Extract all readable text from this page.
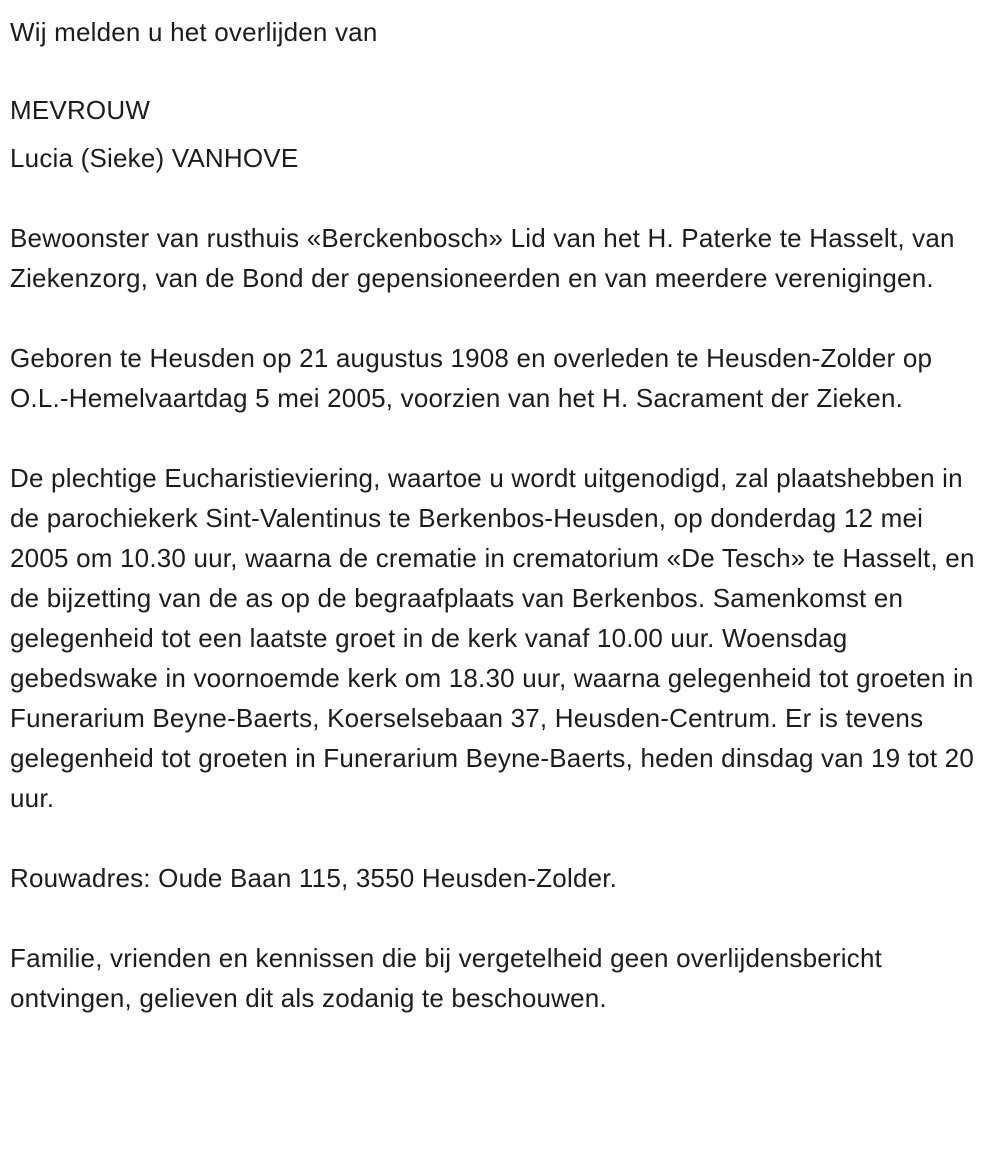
Wij melden u het overlijden van

MEVROUW

Lucia (Sieke) VANHOVE

Bewoonster van rusthuis «Berckenbosch» Lid van het H. Paterke te Hasselt, van Ziekenzorg, van de Bond der gepensioneerden en van meerdere verenigingen.

Geboren te Heusden op 21 augustus 1908 en overleden te Heusden-Zolder op O.L.-Hemelvaartdag 5 mei 2005, voorzien van het H. Sacrament der Zieken.

De plechtige Eucharistieviering, waartoe u wordt uitgenodigd, zal plaatshebben in de parochiekerk Sint-Valentinus te Berkenbos-Heusden, op donderdag 12 mei 2005 om 10.30 uur, waarna de crematie in crematorium «De Tesch» te Hasselt, en de bijzetting van de as op de begraafplaats van Berkenbos. Samenkomst en gelegenheid tot een laatste groet in de kerk vanaf 10.00 uur. Woensdag gebedswake in voornoemde kerk om 18.30 uur, waarna gelegenheid tot groeten in Funerarium Beyne-Baerts, Koerselsebaan 37, Heusden-Centrum. Er is tevens gelegenheid tot groeten in Funerarium Beyne-Baerts, heden dinsdag van 19 tot 20 uur.

Rouwadres: Oude Baan 115, 3550 Heusden-Zolder.

Familie, vrienden en kennissen die bij vergetelheid geen overlijdensbericht ontvingen, gelieven dit als zodanig te beschouwen.
